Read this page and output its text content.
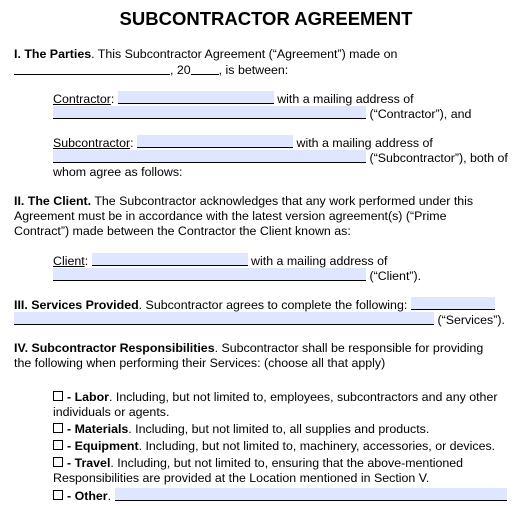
SUBCONTRACTOR AGREEMENT
I. The Parties. This Subcontractor Agreement (“Agreement”) made on
, 20 , is between:
Contractor:	with a mailing address of
(“Contractor”), and
Subcontractor:	with a mailing address of
(“Subcontractor”), both of
whom agree as follows:
II. The Client. The Subcontractor acknowledges that any work performed under this
Agreement must be in accordance with the latest version agreement(s) (“Prime
Contract”) made between the Contractor the Client known as:
Client:	with a mailing address of
(“Client”).
III. Services Provided. Subcontractor agrees to complete the following:
(“Services”).
IV. Subcontractor Responsibilities. Subcontractor shall be responsible for providing
the following when performing their Services: (choose all that apply)
- Labor. Including, but not limited to, employees, subcontractors and any other
individuals or agents.
- Materials. Including, but not limited to, all supplies and products.
- Equipment. Including, but not limited to, machinery, accessories, or devices.
- Travel. Including, but not limited to, ensuring that the above-mentioned
Responsibilities are provided at the Location mentioned in Section V.
- Other.
